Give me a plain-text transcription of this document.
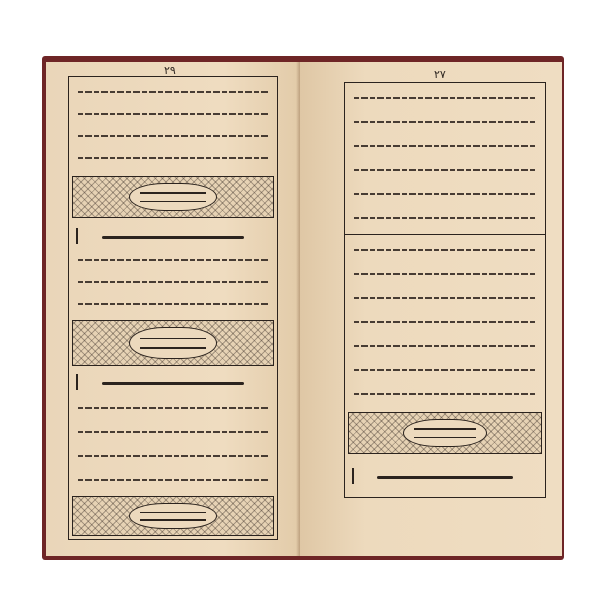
٢٩	٢٧
